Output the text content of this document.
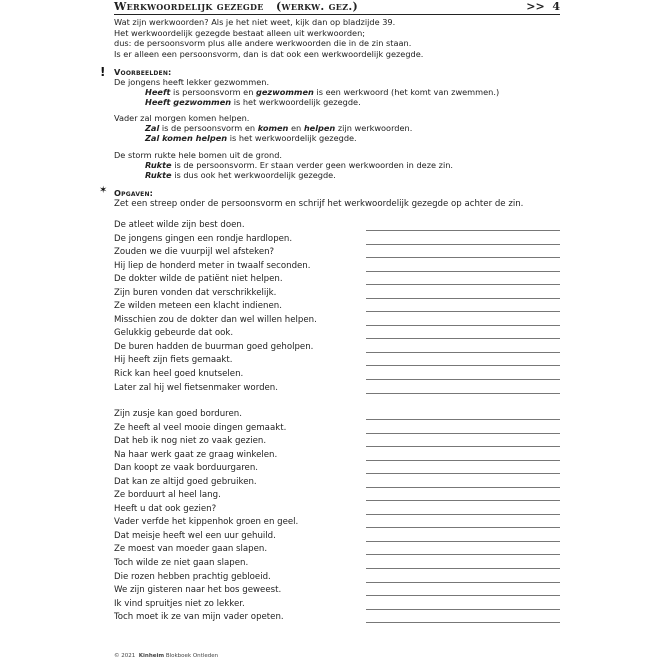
Werkwoordelijk gezegde   (werkw. gez.)	>>  4
Wat zijn werkwoorden? Als je het niet weet, kijk dan op bladzijde 39.
Het werkwoordelijk gezegde bestaat alleen uit werkwoorden;
dus: de persoonsvorm plus alle andere werkwoorden die in de zin staan.
Is er alleen een persoonsvorm, dan is dat ook een werkwoordelijk gezegde.
! Voorbeelden:
De jongens heeft lekker gezwommen.
Heeft is persoonsvorm en gezwommen is een werkwoord (het komt van zwemmen.)
Heeft gezwommen is het werkwoordelijk gezegde.
Vader zal morgen komen helpen.
Zal is de persoonsvorm en komen en helpen zijn werkwoorden.
Zal komen helpen is het werkwoordelijk gezegde.
De storm rukte hele bomen uit de grond.
Rukte is de persoonsvorm. Er staan verder geen werkwoorden in deze zin.
Rukte is dus ook het werkwoordelijk gezegde.
✶ Opgaven:
Zet een streep onder de persoonsvorm en schrijf het werkwoordelijk gezegde op achter de zin.
De atleet wilde zijn best doen.
De jongens gingen een rondje hardlopen.
Zouden we die vuurpijl wel afsteken?
Hij liep de honderd meter in twaalf seconden.
De dokter wilde de patiënt niet helpen.
Zijn buren vonden dat verschrikkelijk.
Ze wilden meteen een klacht indienen.
Misschien zou de dokter dan wel willen helpen.
Gelukkig gebeurde dat ook.
De buren hadden de buurman goed geholpen.
Hij heeft zijn fiets gemaakt.
Rick kan heel goed knutselen.
Later zal hij wel fietsenmaker worden.
Zijn zusje kan goed borduren.
Ze heeft al veel mooie dingen gemaakt.
Dat heb ik nog niet zo vaak gezien.
Na haar werk gaat ze graag winkelen.
Dan koopt ze vaak borduurgaren.
Dat kan ze altijd goed gebruiken.
Ze borduurt al heel lang.
Heeft u dat ook gezien?
Vader verfde het kippenhok groen en geel.
Dat meisje heeft wel een uur gehuild.
Ze moest van moeder gaan slapen.
Toch wilde ze niet gaan slapen.
Die rozen hebben prachtig gebloeid.
We zijn gisteren naar het bos geweest.
Ik vind spruitjes niet zo lekker.
Toch moet ik ze van mijn vader opeten.
© 2021 Kinheim Blokboek Ontleden
